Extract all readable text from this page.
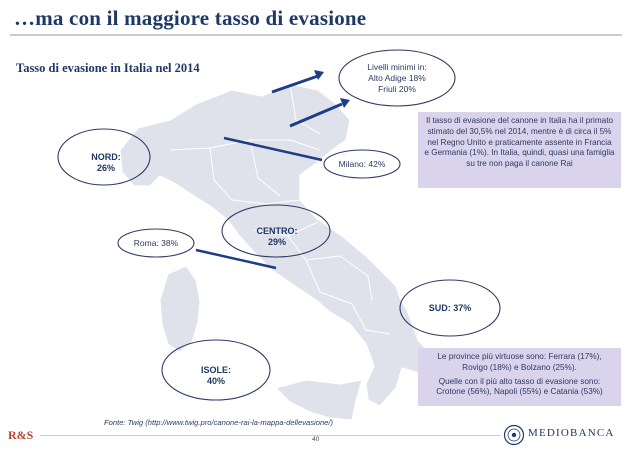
…ma con il maggiore tasso di evasione
Tasso di evasione in Italia nel 2014
NORD: 26%
CENTRO: 29%
SUD: 37%
ISOLE: 40%
Milano: 42%
Roma: 38%
Livelli minimi in:
Alto Adige 18%
Friuli 20%

Il tasso di evasione del canone in Italia ha il primato stimato del 30,5% nel 2014, mentre è di circa il 5% nel Regno Unito e praticamente assente in Francia e Germania (1%). In Italia, quindi, quasi una famiglia su tre non paga il canone Rai

Le province più virtuose sono: Ferrara (17%), Rovigo (18%) e Bolzano (25%).

Quelle con il più alto tasso di evasione sono: Crotone (56%), Napoli (55%) e Catania (53%)

Fonte: Twig (http://www.twig.pro/canone-rai-la-mappa-dellevasione/)
40
R&S	MEDIOBANCA
